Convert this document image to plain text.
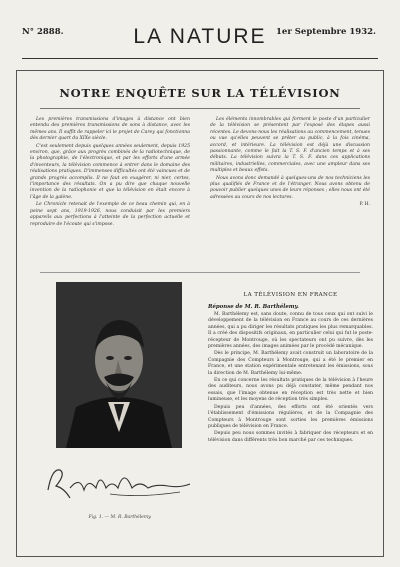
N° 2888.	LA NATURE	1er Septembre 1932.
NOTRE ENQUÊTE SUR LA TÉLÉVISION

Les premières transmissions d'images à distance ont bien entendu des premières transmissions de sons à distance, avec les mêmes ans. Il suffit de rappeler ici le projet de Carey qui fonctionna dès dernier quart du XIXe siècle.

C'est seulement depuis quelques années seulement, depuis 1925 environ, que, grâce aux progrès combinés de la radiotechnique, de la photographie, de l'électronique, et par les efforts d'une armée d'inventeurs, la télévision commence à entrer dans le domaine des réalisations pratiques. D'immenses difficultés ont été vaincues et de grands progrès accomplis. Il ne faut en exagérer, ni nier, certes, l'importance des résultats. On a pu dire que chaque nouvelle invention de la radiophonie et que la télévision en était encore à l'âge de la galène.

Le Chronicle retenait de l'exemple de ce beau chemin qui, en à peine sept ans, 1919-1926, nous conduisit par les premiers appareils aux perfections à l'atteinte de la perfection actuelle et reproduire de l'écoute qui s'impose.

Les éléments innombrables qui forment le poste d'un particulier de la télévision se présentent par l'exposé des étapes aussi récentes. Le devons-nous les réalisations au commencement, tenues ou vue qu'elles peuvent se prêter au public, à la fois cinéma, accord, et intérieure. La télévision est déjà une discussion passionnante, comme le fait la T. S. F. d'ancien temps et à ses débuts. La télévision suivra la T. S. F. dans ces applications militaires, industrielles, commerciales, avec une ampleur dans ses multiples et beaux effets.

Nous avons donc demandé à quelques-uns de nos techniciens les plus qualifiés de France et de l'étranger. Nous avons obtenu de pouvoir publier quelques unes de leurs réponses ; elles nous ont été adressées au cours de nos lectures.

P. H.
Fig. 1. — M. R. Barthélemy.
LA TÉLÉVISION EN FRANCE
Réponse de M. R. Barthélemy.

M. Barthélemy est, sans doute, connu de tous ceux qui ont suivi le développement de la télévision en France au cours de ces dernières années, qui a pu diriger les résultats pratiques les plus remarquables. Il a créé des dispositifs originaux, en particulier celui qui fut le poste-récepteur de Montrouge, où les spectateurs ont pu suivre, dès les premières années, des images animées par le procédé mécanique.

Dès le principe, M. Barthélemy avait construit un laboratoire de la Compagnie des Compteurs à Montrouge, qui a été le premier en France, et une station expérimentale entretenant les émissions, sous la direction de M. Barthélemy lui-même.

En ce qui concerne les résultats pratiques de la télévision à l'heure des auditeurs, nous avons pu déjà constater, même pendant nos essais, que l'image obtenue en réception est très nette et bien lumineuse, et les moyens de réception très simples.

Depuis peu d'années, des efforts ont été orientés vers l'établissement d'émissions régulières, et de la Compagnie des Compteurs à Montrouge sont sorties les premières émissions publiques de télévision en France.

Depuis peu nous sommes invités à fabriquer des récepteurs et en télévision dans différents très bon marché par ces techniques.
